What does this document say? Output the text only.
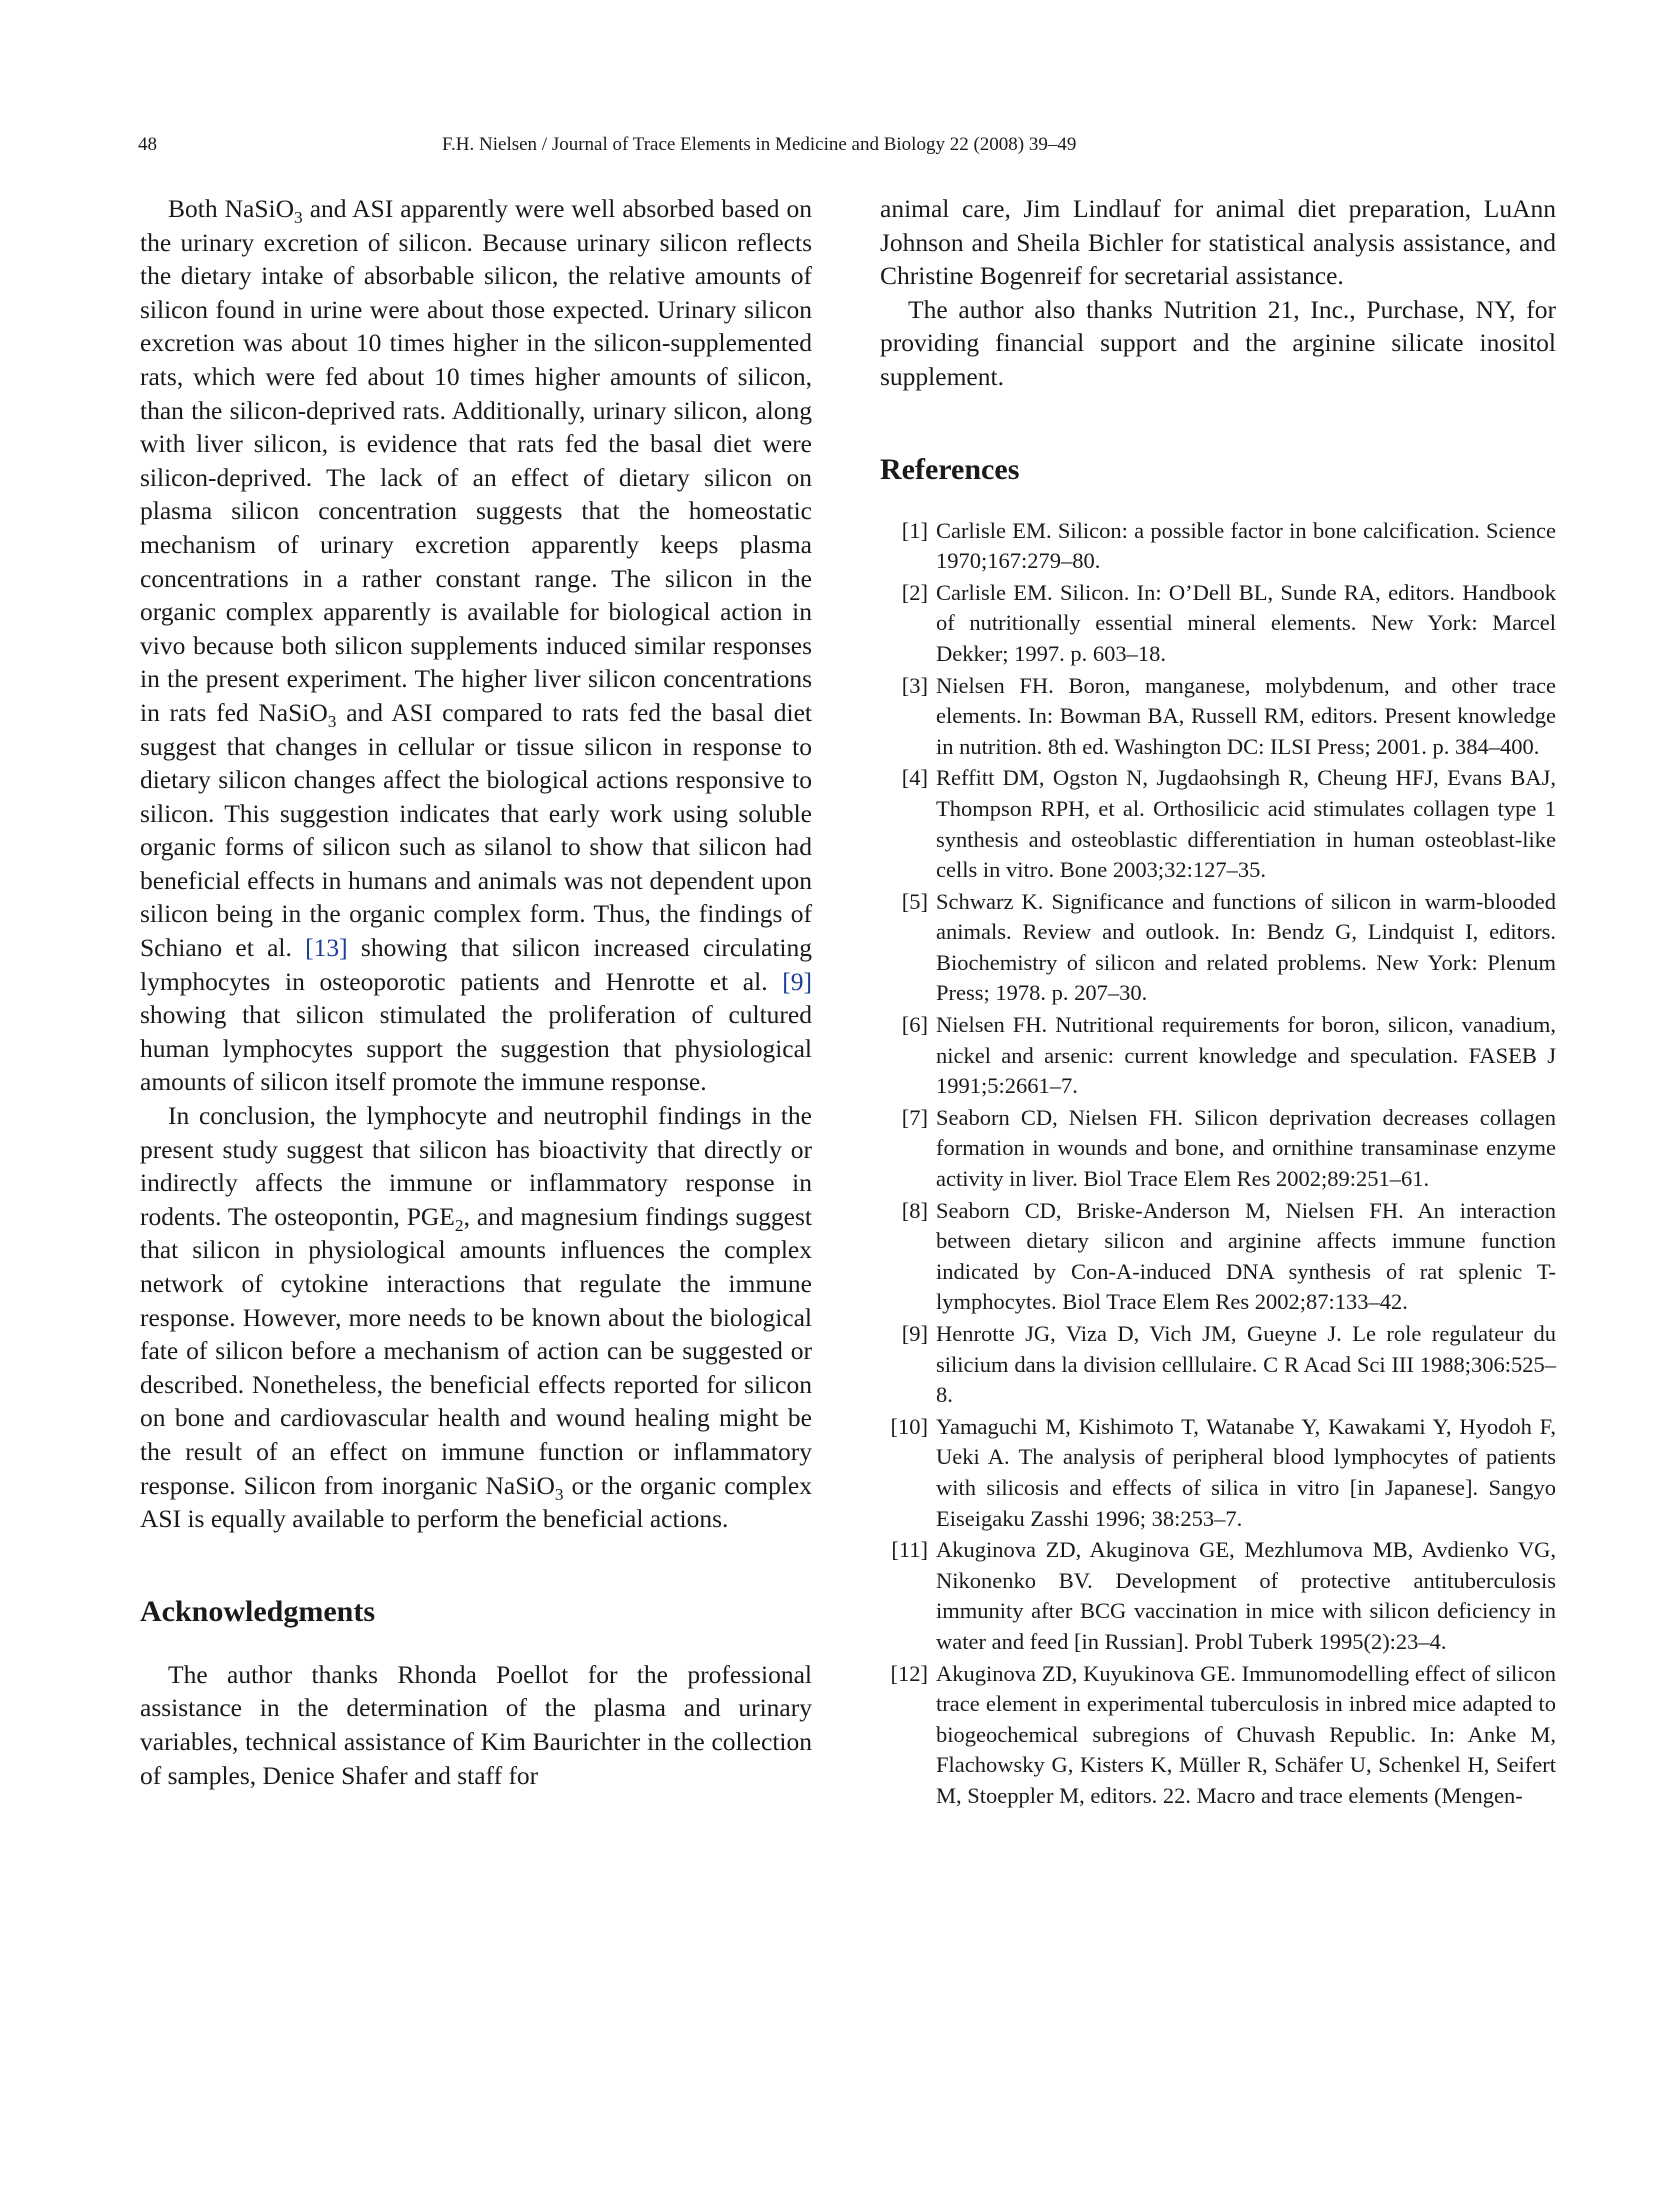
48	F.H. Nielsen / Journal of Trace Elements in Medicine and Biology 22 (2008) 39–49

Both NaSiO$_3$ and ASI apparently were well absorbed based on the urinary excretion of silicon. Because urinary silicon reflects the dietary intake of absorbable silicon, the relative amounts of silicon found in urine were about those expected. Urinary silicon excretion was about 10 times higher in the silicon-supplemented rats, which were fed about 10 times higher amounts of silicon, than the silicon-deprived rats. Additionally, urinary silicon, along with liver silicon, is evidence that rats fed the basal diet were silicon-deprived. The lack of an effect of dietary silicon on plasma silicon concentration suggests that the homeostatic mechanism of urinary excretion apparently keeps plasma concentrations in a rather constant range. The silicon in the organic complex apparently is available for biological action in vivo because both silicon supplements induced similar responses in the present experiment. The higher liver silicon concentrations in rats fed NaSiO$_3$ and ASI compared to rats fed the basal diet suggest that changes in cellular or tissue silicon in response to dietary silicon changes affect the biological actions responsive to silicon. This suggestion indicates that early work using soluble organic forms of silicon such as silanol to show that silicon had beneficial effects in humans and animals was not dependent upon silicon being in the organic complex form. Thus, the findings of Schiano et al. [13] showing that silicon increased circulating lymphocytes in osteoporotic patients and Henrotte et al. [9] showing that silicon stimulated the proliferation of cultured human lymphocytes support the suggestion that physiological amounts of silicon itself promote the immune response.

In conclusion, the lymphocyte and neutrophil findings in the present study suggest that silicon has bioactivity that directly or indirectly affects the immune or inflammatory response in rodents. The osteopontin, $PGE_2$, and magnesium findings suggest that silicon in physiological amounts influences the complex network of cytokine interactions that regulate the immune response. However, more needs to be known about the biological fate of silicon before a mechanism of action can be suggested or described. Nonetheless, the beneficial effects reported for silicon on bone and cardiovascular health and wound healing might be the result of an effect on immune function or inflammatory response. Silicon from inorganic NaSiO$_3$ or the organic complex ASI is equally available to perform the beneficial actions.

Acknowledgments

The author thanks Rhonda Poellot for the professional assistance in the determination of the plasma and urinary variables, technical assistance of Kim Baurichter in the collection of samples, Denice Shafer and staff for

animal care, Jim Lindlauf for animal diet preparation, LuAnn Johnson and Sheila Bichler for statistical analysis assistance, and Christine Bogenreif for secretarial assistance.

The author also thanks Nutrition 21, Inc., Purchase, NY, for providing financial support and the arginine silicate inositol supplement.

References
[1] Carlisle EM. Silicon: a possible factor in bone calcification. Science 1970;167:279–80.
[2] Carlisle EM. Silicon. In: O’Dell BL, Sunde RA, editors. Handbook of nutritionally essential mineral elements. New York: Marcel Dekker; 1997. p. 603–18.
[3] Nielsen FH. Boron, manganese, molybdenum, and other trace elements. In: Bowman BA, Russell RM, editors. Present knowledge in nutrition. 8th ed. Washington DC: ILSI Press; 2001. p. 384–400.
[4] Reffitt DM, Ogston N, Jugdaohsingh R, Cheung HFJ, Evans BAJ, Thompson RPH, et al. Orthosilicic acid stimulates collagen type 1 synthesis and osteoblastic differentiation in human osteoblast-like cells in vitro. Bone 2003;32:127–35.
[5] Schwarz K. Significance and functions of silicon in warm-blooded animals. Review and outlook. In: Bendz G, Lindquist I, editors. Biochemistry of silicon and related problems. New York: Plenum Press; 1978. p. 207–30.
[6] Nielsen FH. Nutritional requirements for boron, silicon, vanadium, nickel and arsenic: current knowledge and speculation. FASEB J 1991;5:2661–7.
[7] Seaborn CD, Nielsen FH. Silicon deprivation decreases collagen formation in wounds and bone, and ornithine transaminase enzyme activity in liver. Biol Trace Elem Res 2002;89:251–61.
[8] Seaborn CD, Briske-Anderson M, Nielsen FH. An interaction between dietary silicon and arginine affects immune function indicated by Con-A-induced DNA synthesis of rat splenic T-lymphocytes. Biol Trace Elem Res 2002;87:133–42.
[9] Henrotte JG, Viza D, Vich JM, Gueyne J. Le role regulateur du silicium dans la division celllulaire. C R Acad Sci III 1988;306:525–8.
[10] Yamaguchi M, Kishimoto T, Watanabe Y, Kawakami Y, Hyodoh F, Ueki A. The analysis of peripheral blood lymphocytes of patients with silicosis and effects of silica in vitro [in Japanese]. Sangyo Eiseigaku Zasshi 1996; 38:253–7.
[11] Akuginova ZD, Akuginova GE, Mezhlumova MB, Avdienko VG, Nikonenko BV. Development of protective antituberculosis immunity after BCG vaccination in mice with silicon deficiency in water and feed [in Russian]. Probl Tuberk 1995(2):23–4.
[12] Akuginova ZD, Kuyukinova GE. Immunomodelling effect of silicon trace element in experimental tuberculosis in inbred mice adapted to biogeochemical subregions of Chuvash Republic. In: Anke M, Flachowsky G, Kisters K, Müller R, Schäfer U, Schenkel H, Seifert M, Stoeppler M, editors. 22. Macro and trace elements (Mengen-
